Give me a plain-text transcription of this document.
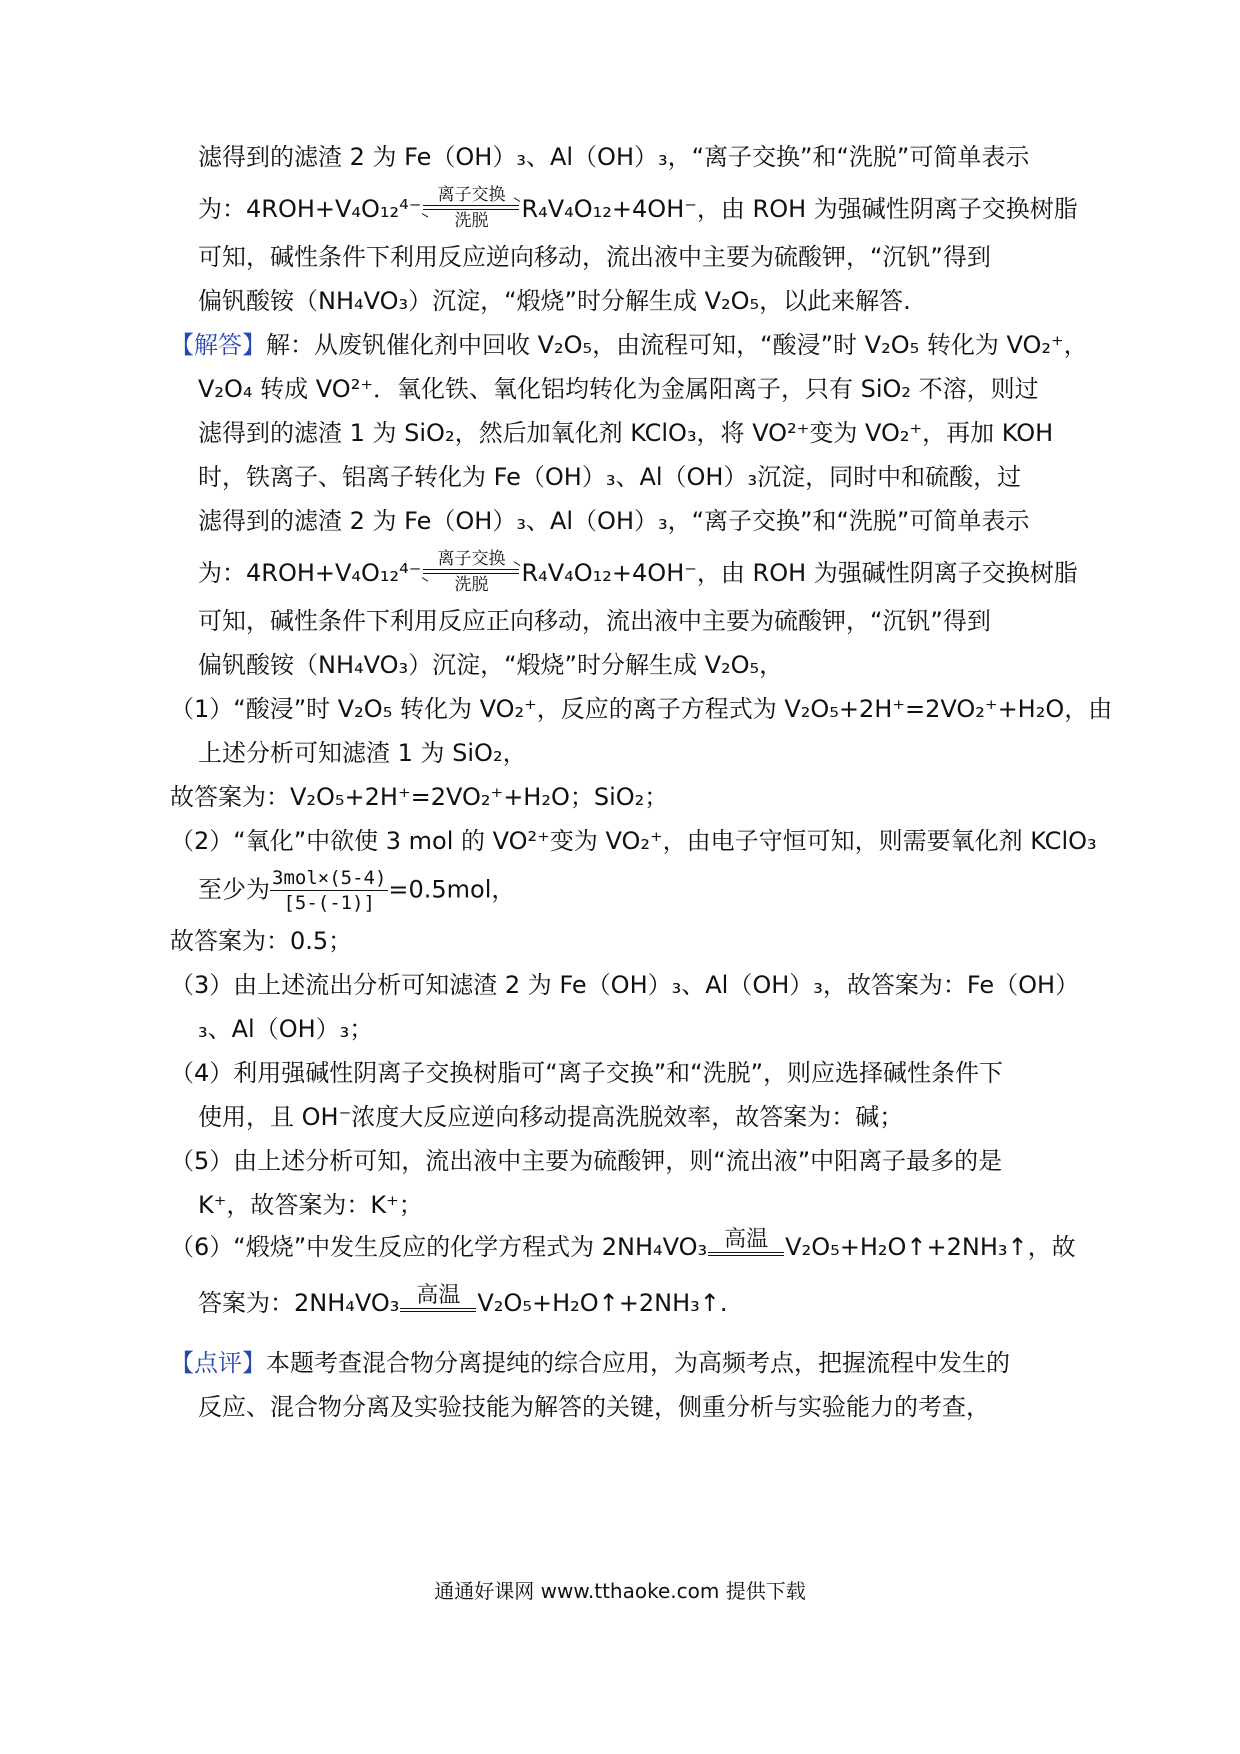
滤得到的滤渣 2 为 Fe（OH）₃、Al（OH）₃，“离子交换”和“洗脱”可简单表示
为：4ROH+V₄O₁₂⁴⁻ 离子交换
洗脱 R₄V₄O₁₂+4OH⁻，由 ROH 为强碱性阴离子交换树脂
可知，碱性条件下利用反应逆向移动，流出液中主要为硫酸钾，“沉钒”得到
偏钒酸铵（NH₄VO₃）沉淀，“煅烧”时分解生成 V₂O₅，以此来解答.
【解答】解：从废钒催化剂中回收 V₂O₅，由流程可知，“酸浸”时 V₂O₅ 转化为 VO₂⁺，
V₂O₄ 转成 VO²⁺．氧化铁、氧化铝均转化为金属阳离子，只有 SiO₂ 不溶，则过
滤得到的滤渣 1 为 SiO₂，然后加氧化剂 KClO₃，将 VO²⁺变为 VO₂⁺，再加 KOH
时，铁离子、铝离子转化为 Fe（OH）₃、Al（OH）₃沉淀，同时中和硫酸，过
滤得到的滤渣 2 为 Fe（OH）₃、Al（OH）₃，“离子交换”和“洗脱”可简单表示
为：4ROH+V₄O₁₂⁴⁻ 离子交换
洗脱 R₄V₄O₁₂+4OH⁻，由 ROH 为强碱性阴离子交换树脂
可知，碱性条件下利用反应正向移动，流出液中主要为硫酸钾，“沉钒”得到
偏钒酸铵（NH₄VO₃）沉淀，“煅烧”时分解生成 V₂O₅，
（1）“酸浸”时 V₂O₅ 转化为 VO₂⁺，反应的离子方程式为 V₂O₅+2H⁺=2VO₂⁺+H₂O，由
上述分析可知滤渣 1 为 SiO₂，
故答案为：V₂O₅+2H⁺=2VO₂⁺+H₂O；SiO₂；
（2）“氧化”中欲使 3 mol 的 VO²⁺变为 VO₂⁺，由电子守恒可知，则需要氧化剂 KClO₃
至少为 $\frac{\text{3mol×(5-4)}}{[5-(-1)]} =0.5mol$，
故答案为：0.5；
（3）由上述流出分析可知滤渣 2 为 Fe（OH）₃、Al（OH）₃，故答案为：Fe（OH）
₃、Al（OH）₃；
（4）利用强碱性阴离子交换树脂可“离子交换”和“洗脱”，则应选择碱性条件下
使用，且 OH⁻浓度大反应逆向移动提高洗脱效率，故答案为：碱；
（5）由上述分析可知，流出液中主要为硫酸钾，则“流出液”中阳离子最多的是
K⁺，故答案为：K⁺；
（6）“煅烧”中发生反应的化学方程式为 2NH₄VO₃ 高温 V₂O₅+H₂O↑+2NH₃↑，故
答案为：2NH₄VO₃ 高温 V₂O₅+H₂O↑+2NH₃↑.
【点评】本题考查混合物分离提纯的综合应用，为高频考点，把握流程中发生的
反应、混合物分离及实验技能为解答的关键，侧重分析与实验能力的考查，
通通好课网 www.tthaoke.com 提供下载
